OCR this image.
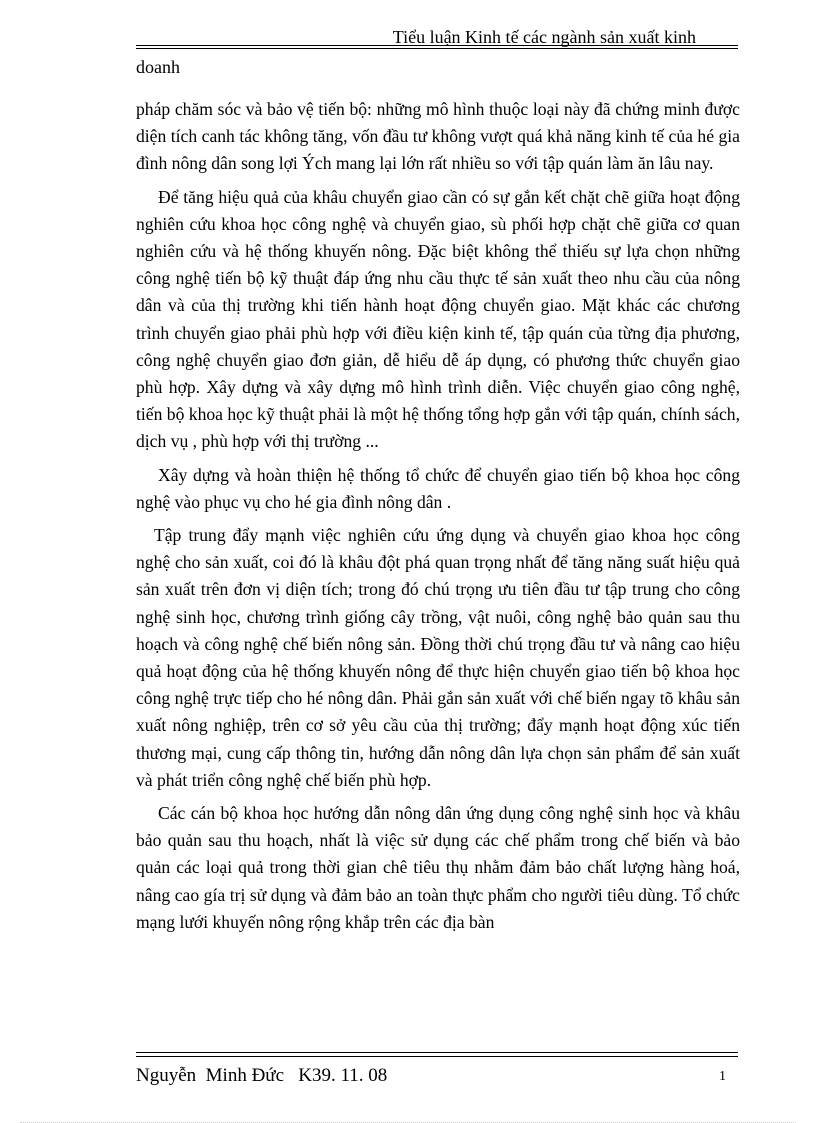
Tiểu luận Kinh tế các ngành sản xuất kinh
doanh

pháp chăm sóc và bảo vệ tiến bộ: những mô hình thuộc loại này đã chứng minh được diện tích canh tác không tăng, vốn đầu tư không vượt quá khả năng kinh tế của hé gia đình nông dân song lợi Ých mang lại lớn rất nhiều so với tập quán làm ăn lâu nay.

Để tăng hiệu quả của khâu chuyển giao cần có sự gắn kết chặt chẽ giữa hoạt động nghiên cứu khoa học công nghệ và chuyển giao, sù phối hợp chặt chẽ giữa cơ quan nghiên cứu và hệ thống khuyến nông. Đặc biệt không thể thiếu sự lựa chọn những công nghệ tiến bộ kỹ thuật đáp ứng nhu cầu thực tế sản xuất theo nhu cầu của nông dân và của thị trường khi tiến hành hoạt động chuyển giao. Mặt khác các chương trình chuyển giao phải phù hợp với điều kiện kinh tế, tập quán của từng địa phương, công nghệ chuyển giao đơn giản, dễ hiểu dễ áp dụng, có phương thức chuyển giao phù hợp. Xây dựng và xây dựng mô hình trình diễn. Việc chuyển giao công nghệ, tiến bộ khoa học kỹ thuật phải là một hệ thống tổng hợp gắn với tập quán, chính sách, dịch vụ , phù hợp với thị trường ...

Xây dựng và hoàn thiện hệ thống tổ chức để chuyển giao tiến bộ khoa học công nghệ vào phục vụ cho hé gia đình nông dân .

Tập trung đẩy mạnh việc nghiên cứu ứng dụng và chuyển giao khoa học công nghệ cho sản xuất, coi đó là khâu đột phá quan trọng nhất để tăng năng suất hiệu quả sản xuất trên đơn vị diện tích; trong đó chú trọng ưu tiên đầu tư tập trung cho công nghệ sinh học, chương trình giống cây trồng, vật nuôi, công nghệ bảo quản sau thu hoạch và công nghệ chế biến nông sản. Đồng thời chú trọng đầu tư và nâng cao hiệu quả hoạt động của hệ thống khuyến nông để thực hiện chuyển giao tiến bộ khoa học công nghệ trực tiếp cho hé nông dân. Phải gắn sản xuất với chế biến ngay tõ khâu sản xuất nông nghiệp, trên cơ sở yêu cầu của thị trường; đẩy mạnh hoạt động xúc tiến thương mại, cung cấp thông tin, hướng dẫn nông dân lựa chọn sản phẩm để sản xuất và phát triển công nghệ chế biến phù hợp.

Các cán bộ khoa học hướng dẫn nông dân ứng dụng công nghệ sinh học và khâu bảo quản sau thu hoạch, nhất là việc sử dụng các chế phẩm trong chế biến và bảo quản các loại quả trong thời gian chê tiêu thụ nhằm đảm bảo chất lượng hàng hoá, nâng cao gía trị sử dụng và đảm bảo an toàn thực phẩm cho người tiêu dùng. Tổ chức mạng lưới khuyến nông rộng khắp trên các địa bàn

Nguyễn  Minh Đức   K39. 11. 08	1
